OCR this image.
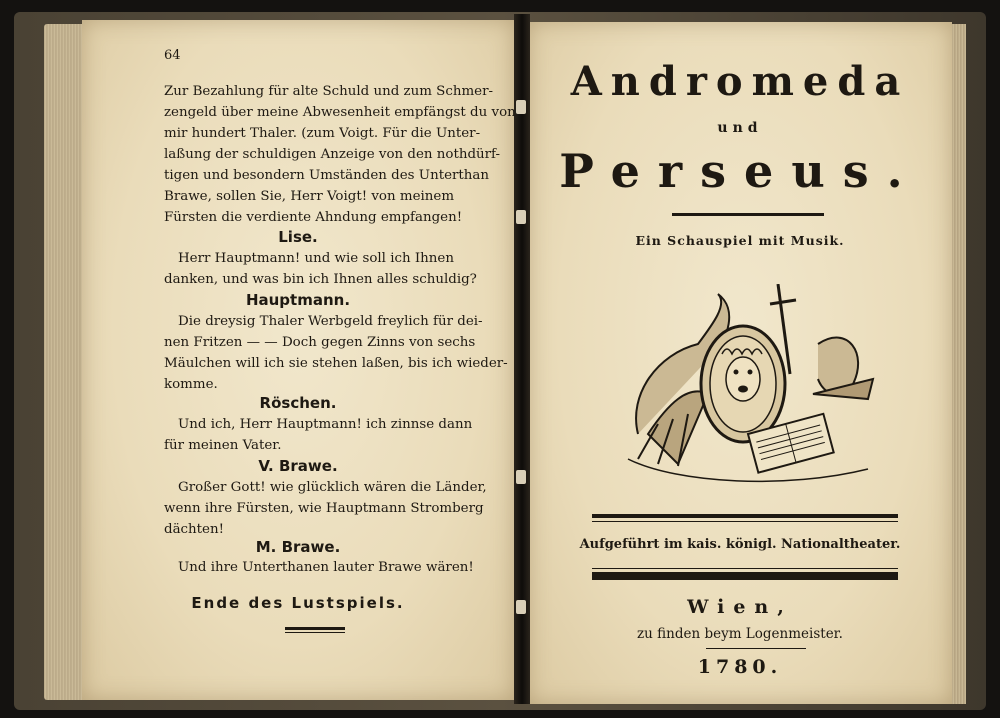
64
Zur Bezahlung für alte Schuld und zum Schmer-
zengeld über meine Abwesenheit empfängst du von
mir hundert Thaler. (zum Voigt. Für die Unter-
laßung der schuldigen Anzeige von den nothdürf-
tigen und besondern Umständen des Unterthan
Brawe, sollen Sie, Herr Voigt! von meinem
Fürsten die verdiente Ahndung empfangen!
Lise.
Herr Hauptmann! und wie soll ich Ihnen
danken, und was bin ich Ihnen alles schuldig?
Hauptmann.
Die dreysig Thaler Werbgeld freylich für dei-
nen Fritzen — — Doch gegen Zinns von sechs
Mäulchen will ich sie stehen laßen, bis ich wieder-
komme.
Röschen.
Und ich, Herr Hauptmann! ich zinnse dann
für meinen Vater.
V. Brawe.
Großer Gott! wie glücklich wären die Länder,
wenn ihre Fürsten, wie Hauptmann Stromberg
dächten!
M. Brawe.
Und ihre Unterthanen lauter Brawe wären!
Ende des Lustspiels.
Andromeda
und
Perseus.
Ein Schauspiel mit Musik.
Aufgeführt im kais. königl. Nationaltheater.
Wien,
zu finden beym Logenmeister.
1780.
